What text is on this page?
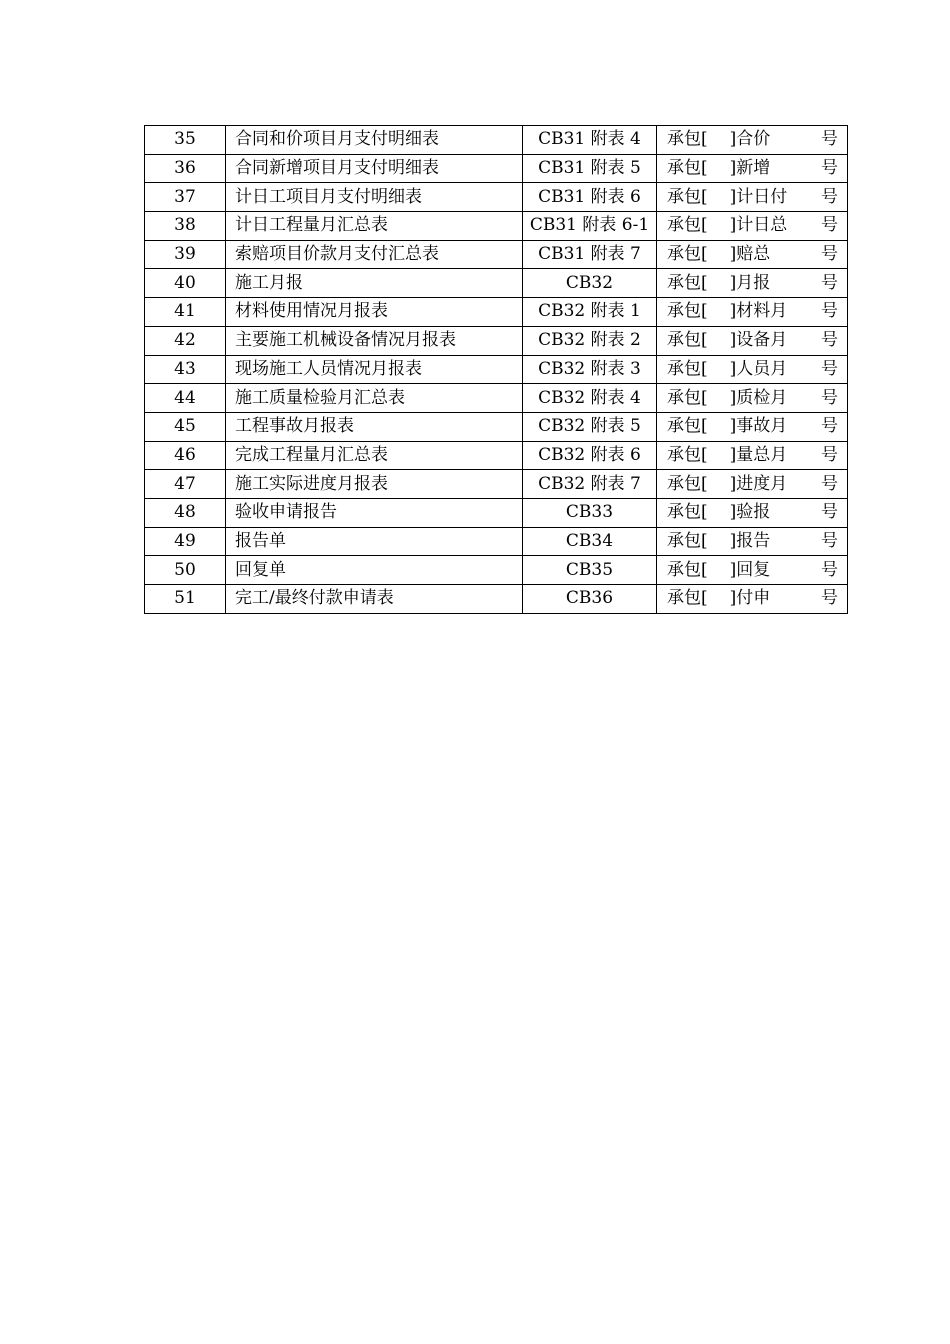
35	合同和价项目月支付明细表	CB31 附表 4	承包[ ]合价 号

36	合同新增项目月支付明细表	CB31 附表 5	承包[ ]新增 号

37	计日工项目月支付明细表	CB31 附表 6	承包[ ]计日付 号

38	计日工程量月汇总表	CB31 附表 6-1	承包[ ]计日总 号

39	索赔项目价款月支付汇总表	CB31 附表 7	承包[ ]赔总 号

40	施工月报	CB32	承包[ ]月报 号

41	材料使用情况月报表	CB32 附表 1	承包[ ]材料月 号

42	主要施工机械设备情况月报表	CB32 附表 2	承包[ ]设备月 号

43	现场施工人员情况月报表	CB32 附表 3	承包[ ]人员月 号

44	施工质量检验月汇总表	CB32 附表 4	承包[ ]质检月 号

45	工程事故月报表	CB32 附表 5	承包[ ]事故月 号

46	完成工程量月汇总表	CB32 附表 6	承包[ ]量总月 号

47	施工实际进度月报表	CB32 附表 7	承包[ ]进度月 号

48	验收申请报告	CB33	承包[ ]验报 号

49	报告单	CB34	承包[ ]报告 号

50	回复单	CB35	承包[ ]回复 号

51	完工/最终付款申请表	CB36	承包[ ]付申 号
